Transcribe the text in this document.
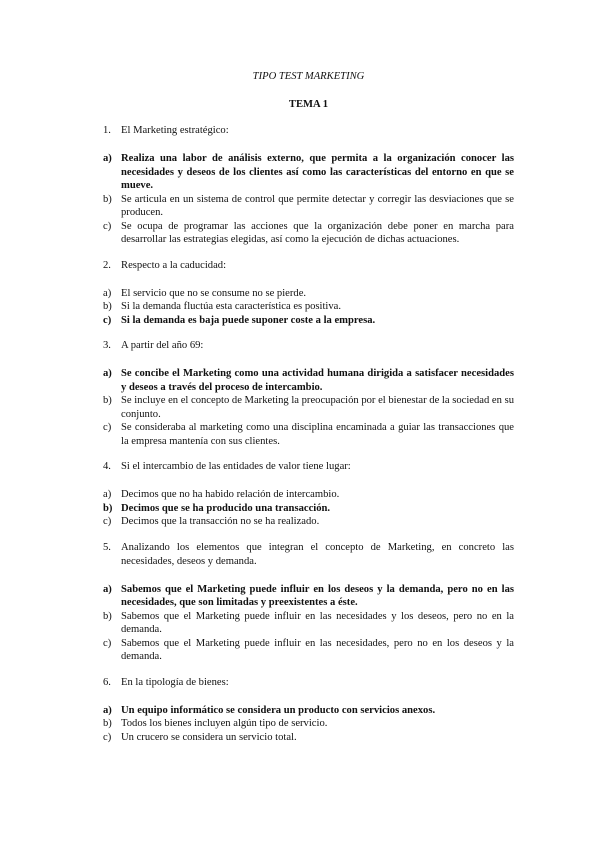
TIPO TEST MARKETING
TEMA 1
1. El Marketing estratégico:
a) Realiza una labor de análisis externo, que permita a la organización conocer las necesidades y deseos de los clientes así como las características del entorno en que se mueve.
b) Se articula en un sistema de control que permite detectar y corregir las desviaciones que se producen.
c) Se ocupa de programar las acciones que la organización debe poner en marcha para desarrollar las estrategias elegidas, así como la ejecución de dichas actuaciones.
2. Respecto a la caducidad:
a) El servicio que no se consume no se pierde.
b) Si la demanda fluctúa esta característica es positiva.
c) Si la demanda es baja puede suponer coste a la empresa.
3. A partir del año 69:
a) Se concibe el Marketing como una actividad humana dirigida a satisfacer necesidades y deseos a través del proceso de intercambio.
b) Se incluye en el concepto de Marketing la preocupación por el bienestar de la sociedad en su conjunto.
c) Se consideraba al marketing como una disciplina encaminada a guiar las transacciones que la empresa mantenía con sus clientes.
4. Si el intercambio de las entidades de valor tiene lugar:
a) Decimos que no ha habido relación de intercambio.
b) Decimos que se ha producido una transacción.
c) Decimos que la transacción no se ha realizado.
5. Analizando los elementos que integran el concepto de Marketing, en concreto las necesidades, deseos y demanda.
a) Sabemos que el Marketing puede influir en los deseos y la demanda, pero no en las necesidades, que son limitadas y preexistentes a éste.
b) Sabemos que el Marketing puede influir en las necesidades y los deseos, pero no en la demanda.
c) Sabemos que el Marketing puede influir en las necesidades, pero no en los deseos y la demanda.
6. En la tipología de bienes:
a) Un equipo informático se considera un producto con servicios anexos.
b) Todos los bienes incluyen algún tipo de servicio.
c) Un crucero se considera un servicio total.
